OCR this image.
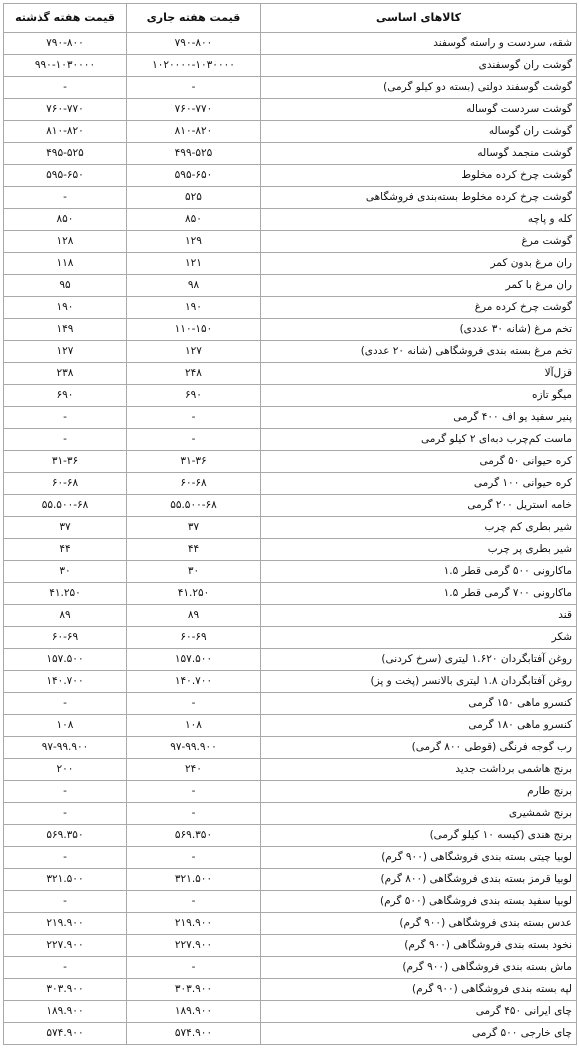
کالاهای اساسی	قیمت هفته جاری	قیمت هفته گذشته
شقه، سردست و راسته گوسفند	۷۹۰-۸۰۰	۷۹۰-۸۰۰
گوشت ران گوسفندی	۱۰۲۰۰۰۰-۱۰۳۰۰۰۰	۹۹۰-۱۰۳۰۰۰۰
گوشت گوسفند دولتی (بسته دو کیلو گرمی)	-	-
گوشت سردست گوساله	۷۶۰-۷۷۰	۷۶۰-۷۷۰
گوشت ران گوساله	۸۱۰-۸۲۰	۸۱۰-۸۲۰
گوشت منجمد گوساله	۴۹۹-۵۲۵	۴۹۵-۵۲۵
گوشت چرخ کرده مخلوط	۵۹۵-۶۵۰	۵۹۵-۶۵۰
گوشت چرخ کرده مخلوط بسته‌بندی فروشگاهی	۵۲۵	-
کله و پاچه	۸۵۰	۸۵۰
گوشت مرغ	۱۲۹	۱۲۸
ران مرغ بدون کمر	۱۲۱	۱۱۸
ران مرغ با کمر	۹۸	۹۵
گوشت چرخ کرده مرغ	۱۹۰	۱۹۰
تخم مرغ (شانه ۳۰ عددی)	۱۱۰-۱۵۰	۱۴۹
تخم مرغ بسته بندی فروشگاهی (شانه ۲۰ عددی)	۱۲۷	۱۲۷
قزل‌آلا	۲۴۸	۲۳۸
میگو تازه	۶۹۰	۶۹۰
پنیر سفید یو اف ۴۰۰ گرمی	-	-
ماست کم‌چرب دبه‌ای ۲ کیلو گرمی	-	-
کره حیوانی ۵۰ گرمی	۳۱-۳۶	۳۱-۳۶
کره حیوانی ۱۰۰ گرمی	۶۰-۶۸	۶۰-۶۸
خامه استریل ۲۰۰ گرمی	۵۵.۵۰۰-۶۸	۵۵.۵۰۰-۶۸
شیر بطری کم چرب	۳۷	۳۷
شیر بطری پر چرب	۴۴	۴۴
ماکارونی ۵۰۰ گرمی قطر ۱.۵	۳۰	۳۰
ماکارونی ۷۰۰ گرمی قطر ۱.۵	۴۱.۲۵۰	۴۱.۲۵۰
قند	۸۹	۸۹
شکر	۶۰-۶۹	۶۰-۶۹
روغن آفتابگردان ۱.۶۲۰ لیتری (سرخ کردنی)	۱۵۷.۵۰۰	۱۵۷.۵۰۰
روغن آفتابگردان ۱.۸ لیتری بالانسر (پخت و پز)	۱۴۰.۷۰۰	۱۴۰.۷۰۰
کنسرو ماهی ۱۵۰ گرمی	-	-
کنسرو ماهی ۱۸۰ گرمی	۱۰۸	۱۰۸
رب گوجه فرنگی (قوطی ۸۰۰ گرمی)	۹۷-۹۹.۹۰۰	۹۷-۹۹.۹۰۰
برنج هاشمی برداشت جدید	۲۴۰	۲۰۰
برنج طارم	-	-
برنج شمشیری	-	-
برنج هندی (کیسه ۱۰ کیلو گرمی)	۵۶۹.۳۵۰	۵۶۹.۳۵۰
لوبیا چیتی بسته بندی فروشگاهی (۹۰۰ گرم)	-	-
لوبیا قرمز بسته بندی فروشگاهی (۸۰۰ گرم)	۳۲۱.۵۰۰	۳۲۱.۵۰۰
لوبیا سفید بسته بندی فروشگاهی (۵۰۰ گرم)	-	-
عدس بسته بندی فروشگاهی (۹۰۰ گرم)	۲۱۹.۹۰۰	۲۱۹.۹۰۰
نخود بسته بندی فروشگاهی (۹۰۰ گرم)	۲۲۷.۹۰۰	۲۲۷.۹۰۰
ماش بسته بندی فروشگاهی (۹۰۰ گرم)	-	-
لپه بسته بندی فروشگاهی (۹۰۰ گرم)	۳۰۳.۹۰۰	۳۰۳.۹۰۰
چای ایرانی ۴۵۰ گرمی	۱۸۹.۹۰۰	۱۸۹.۹۰۰
چای خارجی ۵۰۰ گرمی	۵۷۴.۹۰۰	۵۷۴.۹۰۰
